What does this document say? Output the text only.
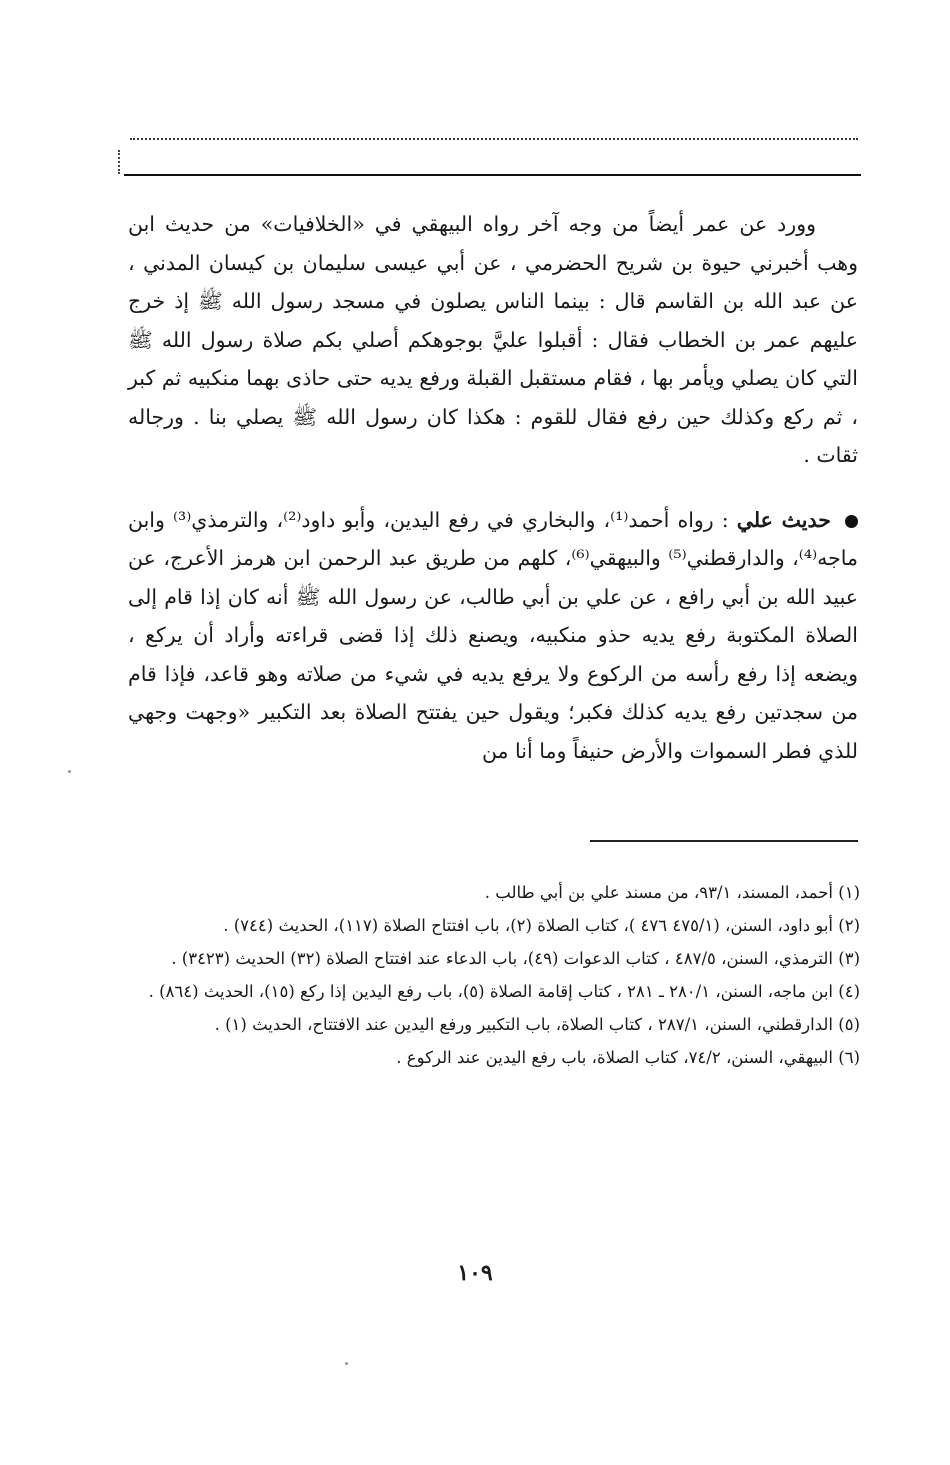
وورد عن عمر أيضاً من وجه آخر رواه البيهقي في «الخلافيات» من حديث ابن وهب أخبرني حيوة بن شريح الحضرمي ، عن أبي عيسى سليمان بن كيسان المدني ، عن عبد الله بن القاسم قال : بينما الناس يصلون في مسجد رسول الله ﷺ إذ خرج عليهم عمر بن الخطاب فقال : أقبلوا عليَّ بوجوهكم أصلي بكم صلاة رسول الله ﷺ التي كان يصلي ويأمر بها ، فقام مستقبل القبلة ورفع يديه حتى حاذى بهما منكبيه ثم كبر ، ثم ركع وكذلك حين رفع فقال للقوم : هكذا كان رسول الله ﷺ يصلي بنا . ورجاله ثقات .

حديث علي : رواه أحمد⁽¹⁾، والبخاري في رفع اليدين، وأبو داود⁽²⁾، والترمذي⁽³⁾ وابن ماجه⁽⁴⁾، والدارقطني⁽⁵⁾ والبيهقي⁽⁶⁾، كلهم من طريق عبد الرحمن ابن هرمز الأعرج، عن عبيد الله بن أبي رافع ، عن علي بن أبي طالب، عن رسول الله ﷺ أنه كان إذا قام إلى الصلاة المكتوبة رفع يديه حذو منكبيه، ويصنع ذلك إذا قضى قراءته وأراد أن يركع ، ويضعه إذا رفع رأسه من الركوع ولا يرفع يديه في شيء من صلاته وهو قاعد، فإذا قام من سجدتين رفع يديه كذلك فكبر؛ ويقول حين يفتتح الصلاة بعد التكبير «وجهت وجهي للذي فطر السموات والأرض حنيفاً وما أنا من

(١) أحمد، المسند، ٩٣/١، من مسند علي بن أبي طالب .

(٢) أبو داود، السنن، (٤٧٥/١ ٤٧٦ )، كتاب الصلاة (٢)، باب افتتاح الصلاة (١١٧)، الحديث (٧٤٤) .

(٣) الترمذي، السنن، ٤٨٧/٥ ، كتاب الدعوات (٤٩)، باب الدعاء عند افتتاح الصلاة (٣٢) الحديث (٣٤٢٣) .

(٤) ابن ماجه، السنن، ٢٨٠/١ ـ ٢٨١ ، كتاب إقامة الصلاة (٥)، باب رفع اليدين إذا ركع (١٥)، الحديث (٨٦٤) .

(٥) الدارقطني، السنن، ٢٨٧/١ ، كتاب الصلاة، باب التكبير ورفع اليدين عند الافتتاح، الحديث (١) .

(٦) البيهقي، السنن، ٧٤/٢، كتاب الصلاة، باب رفع اليدين عند الركوع .

١٠٩
